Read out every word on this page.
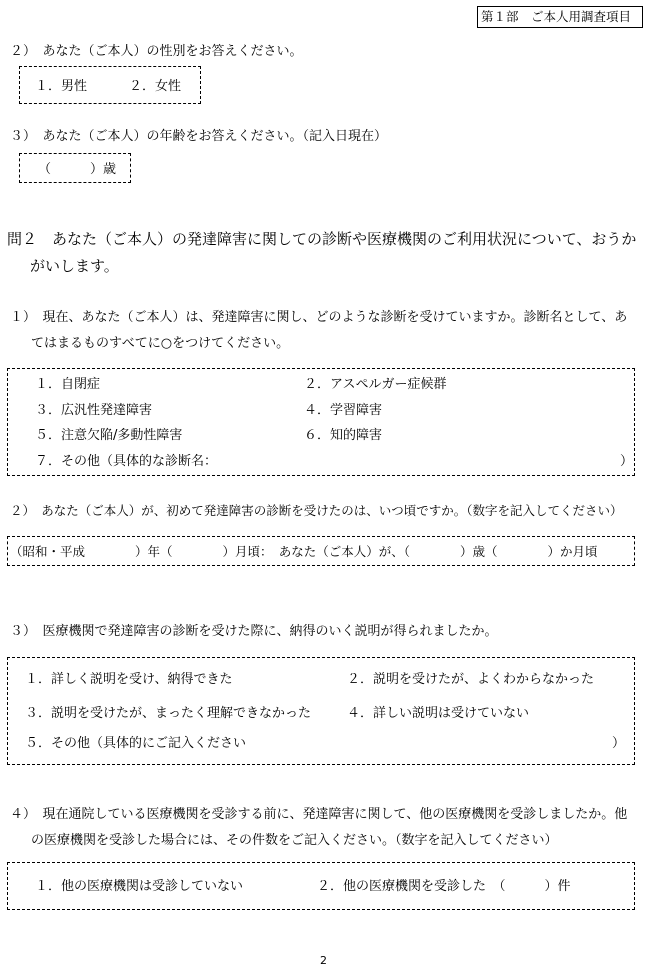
第１部　ご本人用調査項目
２）　あなた（ご本人）の性別をお答えください。
１．男性	２．女性
３）　あなた（ご本人）の年齢をお答えください。（記入日現在）
（　　　）歳
問２　あなた（ご本人）の発達障害に関しての診断や医療機関のご利用状況について、おうか
がいします。
１）　現在、あなた（ご本人）は、発達障害に関し、どのような診断を受けていますか。診断名として、あ
てはまるものすべてに○をつけてください。
１．自閉症	２．アスペルガー症候群
３．広汎性発達障害	４．学習障害
５．注意欠陥/多動性障害	６．知的障害
７．その他（具体的な診断名：	）
２）　あなた（ご本人）が、初めて発達障害の診断を受けたのは、いつ頃ですか。（数字を記入してください）
（昭和・平成　　　　）年（　　　　）月頃：　あなた（ご本人）が、（　　　　）歳（　　　　）か月頃
３）　医療機関で発達障害の診断を受けた際に、納得のいく説明が得られましたか。
１．詳しく説明を受け、納得できた	２．説明を受けたが、よくわからなかった
３．説明を受けたが、まったく理解できなかった	４．詳しい説明は受けていない
５．その他（具体的にご記入ください	）
４）　現在通院している医療機関を受診する前に、発達障害に関して、他の医療機関を受診しましたか。他
の医療機関を受診した場合には、その件数をご記入ください。（数字を記入してください）
１．他の医療機関は受診していない	２．他の医療機関を受診した　（　　　）件
2
